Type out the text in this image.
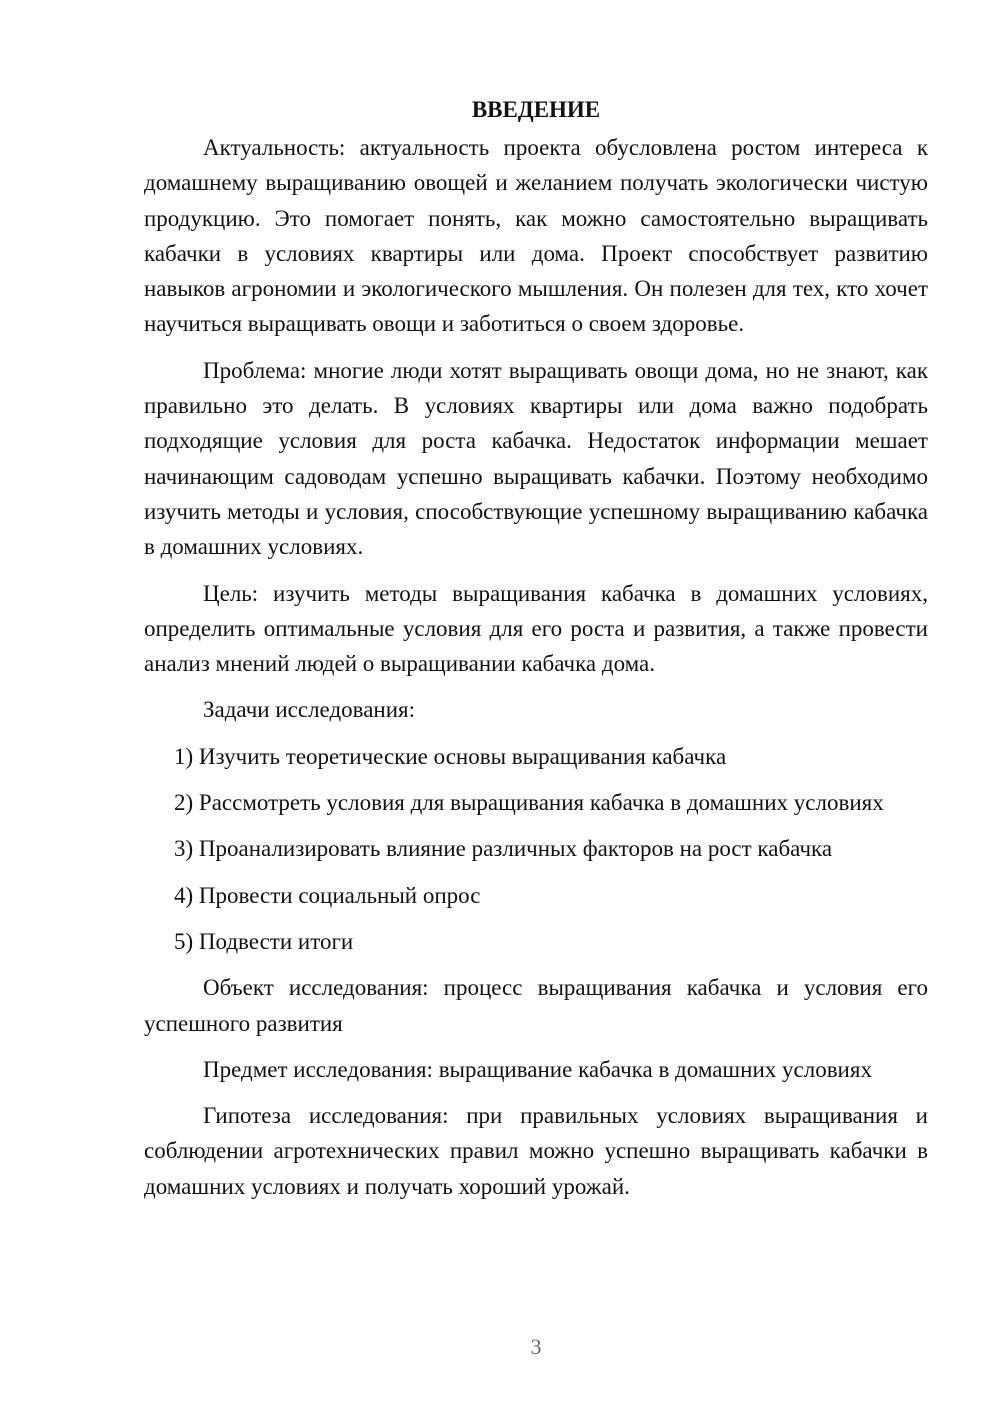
ВВЕДЕНИЕ

Актуальность: актуальность проекта обусловлена ростом интереса к домашнему выращиванию овощей и желанием получать экологически чистую продукцию. Это помогает понять, как можно самостоятельно выращивать кабачки в условиях квартиры или дома. Проект способствует развитию навыков агрономии и экологического мышления. Он полезен для тех, кто хочет научиться выращивать овощи и заботиться о своем здоровье.

Проблема: многие люди хотят выращивать овощи дома, но не знают, как правильно это делать. В условиях квартиры или дома важно подобрать подходящие условия для роста кабачка. Недостаток информации мешает начинающим садоводам успешно выращивать кабачки. Поэтому необходимо изучить методы и условия, способствующие успешному выращиванию кабачка в домашних условиях.

Цель: изучить методы выращивания кабачка в домашних условиях, определить оптимальные условия для его роста и развития, а также провести анализ мнений людей о выращивании кабачка дома.

Задачи исследования:

1) Изучить теоретические основы выращивания кабачка

2) Рассмотреть условия для выращивания кабачка в домашних условиях

3) Проанализировать влияние различных факторов на рост кабачка

4) Провести социальный опрос

5) Подвести итоги

Объект исследования: процесс выращивания кабачка и условия его успешного развития

Предмет исследования: выращивание кабачка в домашних условиях

Гипотеза исследования: при правильных условиях выращивания и соблюдении агротехнических правил можно успешно выращивать кабачки в домашних условиях и получать хороший урожай.

3
